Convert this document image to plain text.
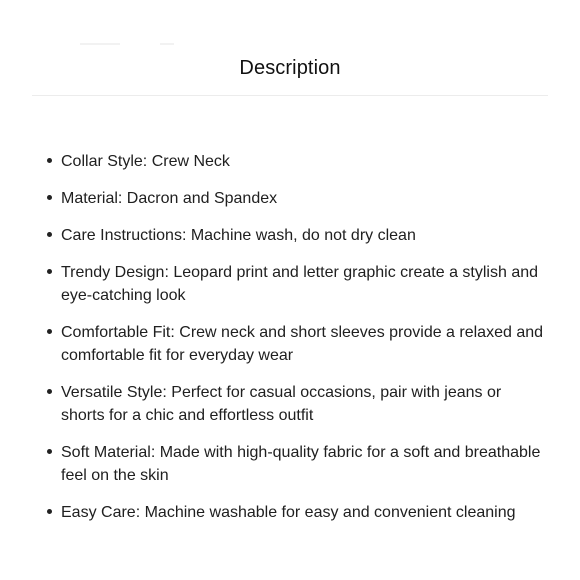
Description
Collar Style: Crew Neck
Material: Dacron and Spandex
Care Instructions: Machine wash, do not dry clean
Trendy Design: Leopard print and letter graphic create a stylish and eye-catching look
Comfortable Fit: Crew neck and short sleeves provide a relaxed and comfortable fit for everyday wear
Versatile Style: Perfect for casual occasions, pair with jeans or shorts for a chic and effortless outfit
Soft Material: Made with high-quality fabric for a soft and breathable feel on the skin
Easy Care: Machine washable for easy and convenient cleaning
